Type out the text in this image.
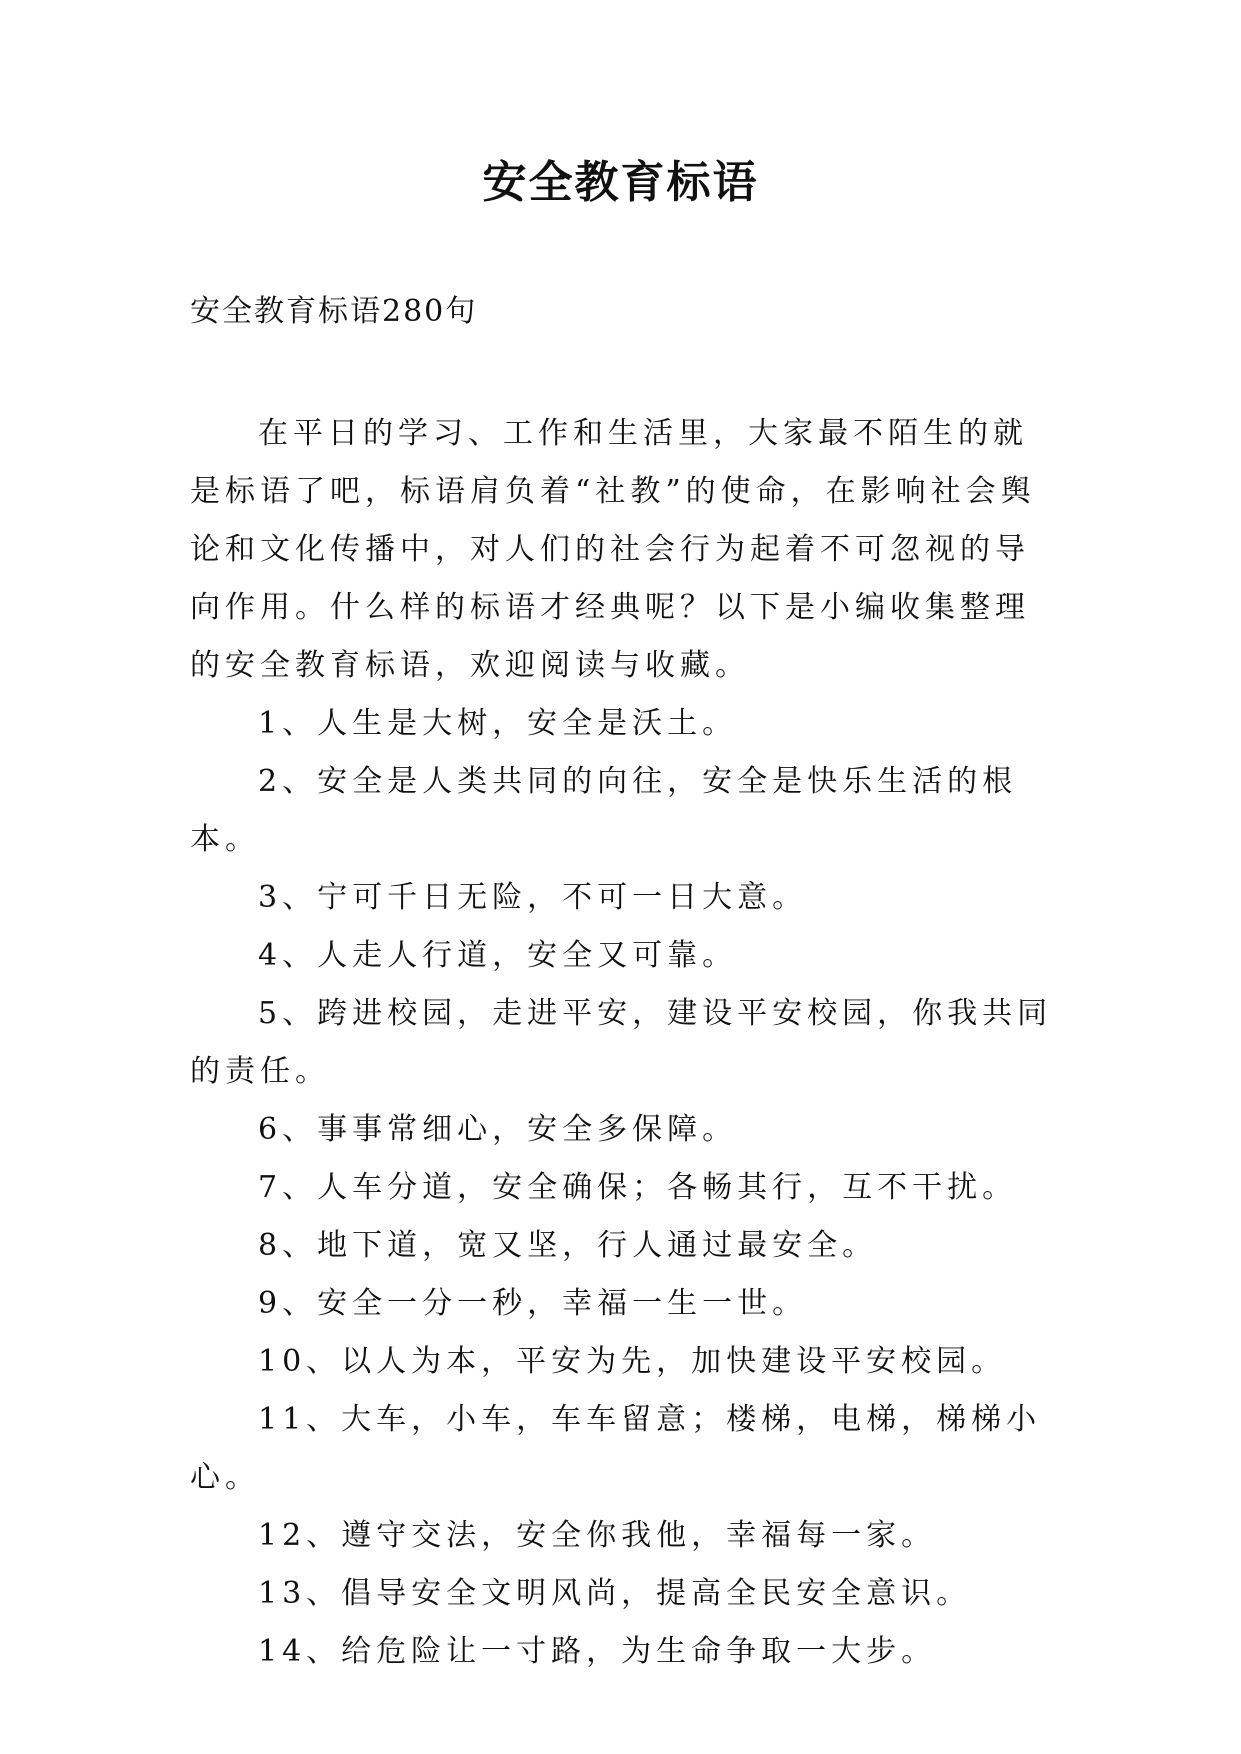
安全教育标语
安全教育标语280句

在平日的学习、工作和生活里，大家最不陌生的就是标语了吧，标语肩负着“社教”的使命，在影响社会舆论和文化传播中，对人们的社会行为起着不可忽视的导向作用。什么样的标语才经典呢？以下是小编收集整理的安全教育标语，欢迎阅读与收藏。

1、人生是大树，安全是沃土。

2、安全是人类共同的向往，安全是快乐生活的根本。

3、宁可千日无险，不可一日大意。

4、人走人行道，安全又可靠。

5、跨进校园，走进平安，建设平安校园，你我共同的责任。

6、事事常细心，安全多保障。

7、人车分道，安全确保；各畅其行，互不干扰。

8、地下道，宽又坚，行人通过最安全。

9、安全一分一秒，幸福一生一世。

10、以人为本，平安为先，加快建设平安校园。

11、大车，小车，车车留意；楼梯，电梯，梯梯小心。

12、遵守交法，安全你我他，幸福每一家。

13、倡导安全文明风尚，提高全民安全意识。

14、给危险让一寸路，为生命争取一大步。
